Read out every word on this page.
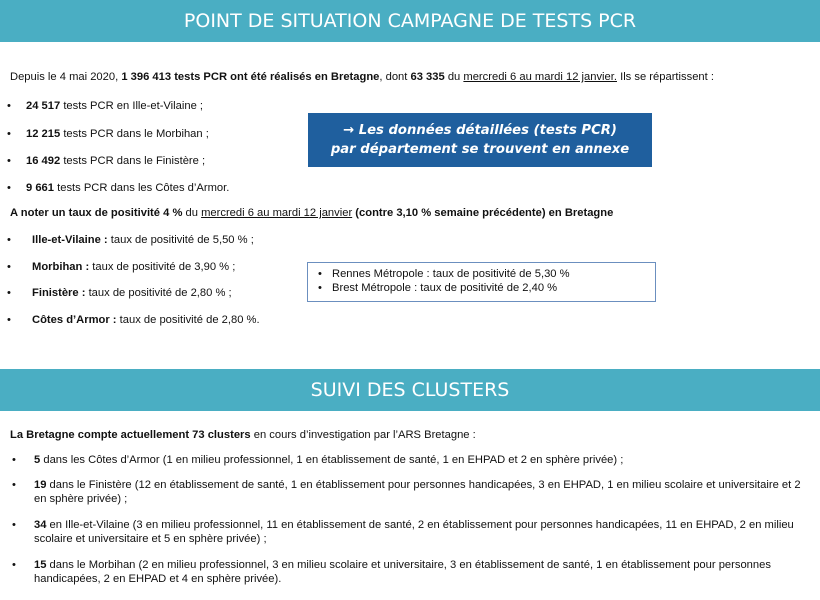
POINT DE SITUATION CAMPAGNE DE TESTS PCR
Depuis le 4 mai 2020, 1 396 413 tests PCR ont été réalisés en Bretagne, dont 63 335 du mercredi 6 au mardi 12 janvier. Ils se répartissent :
• 24 517 tests PCR en Ille-et-Vilaine ;
• 12 215 tests PCR dans le Morbihan ;
• 16 492 tests PCR dans le Finistère ;
• 9 661 tests PCR dans les Côtes d’Armor.
→ Les données détaillées (tests PCR)
par département se trouvent en annexe
A noter un taux de positivité 4 % du mercredi 6 au mardi 12 janvier (contre 3,10 % semaine précédente) en Bretagne
• Ille-et-Vilaine : taux de positivité de 5,50 % ;
• Morbihan : taux de positivité de 3,90 % ;
• Finistère : taux de positivité de 2,80 % ;
• Côtes d’Armor : taux de positivité de 2,80 %.
• Rennes Métropole : taux de positivité de 5,30 %
• Brest Métropole : taux de positivité de 2,40 %
SUIVI DES CLUSTERS
La Bretagne compte actuellement 73 clusters en cours d’investigation par l’ARS Bretagne :
• 5 dans les Côtes d’Armor (1 en milieu professionnel, 1 en établissement de santé, 1 en EHPAD et 2 en sphère privée) ;
• 19 dans le Finistère (12 en établissement de santé, 1 en établissement pour personnes handicapées, 3 en EHPAD, 1 en milieu scolaire et universitaire et 2 en sphère privée) ;
• 34 en Ille-et-Vilaine (3 en milieu professionnel, 11 en établissement de santé, 2 en établissement pour personnes handicapées, 11 en EHPAD, 2 en milieu scolaire et universitaire et 5 en sphère privée) ;
• 15 dans le Morbihan (2 en milieu professionnel, 3 en milieu scolaire et universitaire, 3 en établissement de santé, 1 en établissement pour personnes handicapées, 2 en EHPAD et 4 en sphère privée).
